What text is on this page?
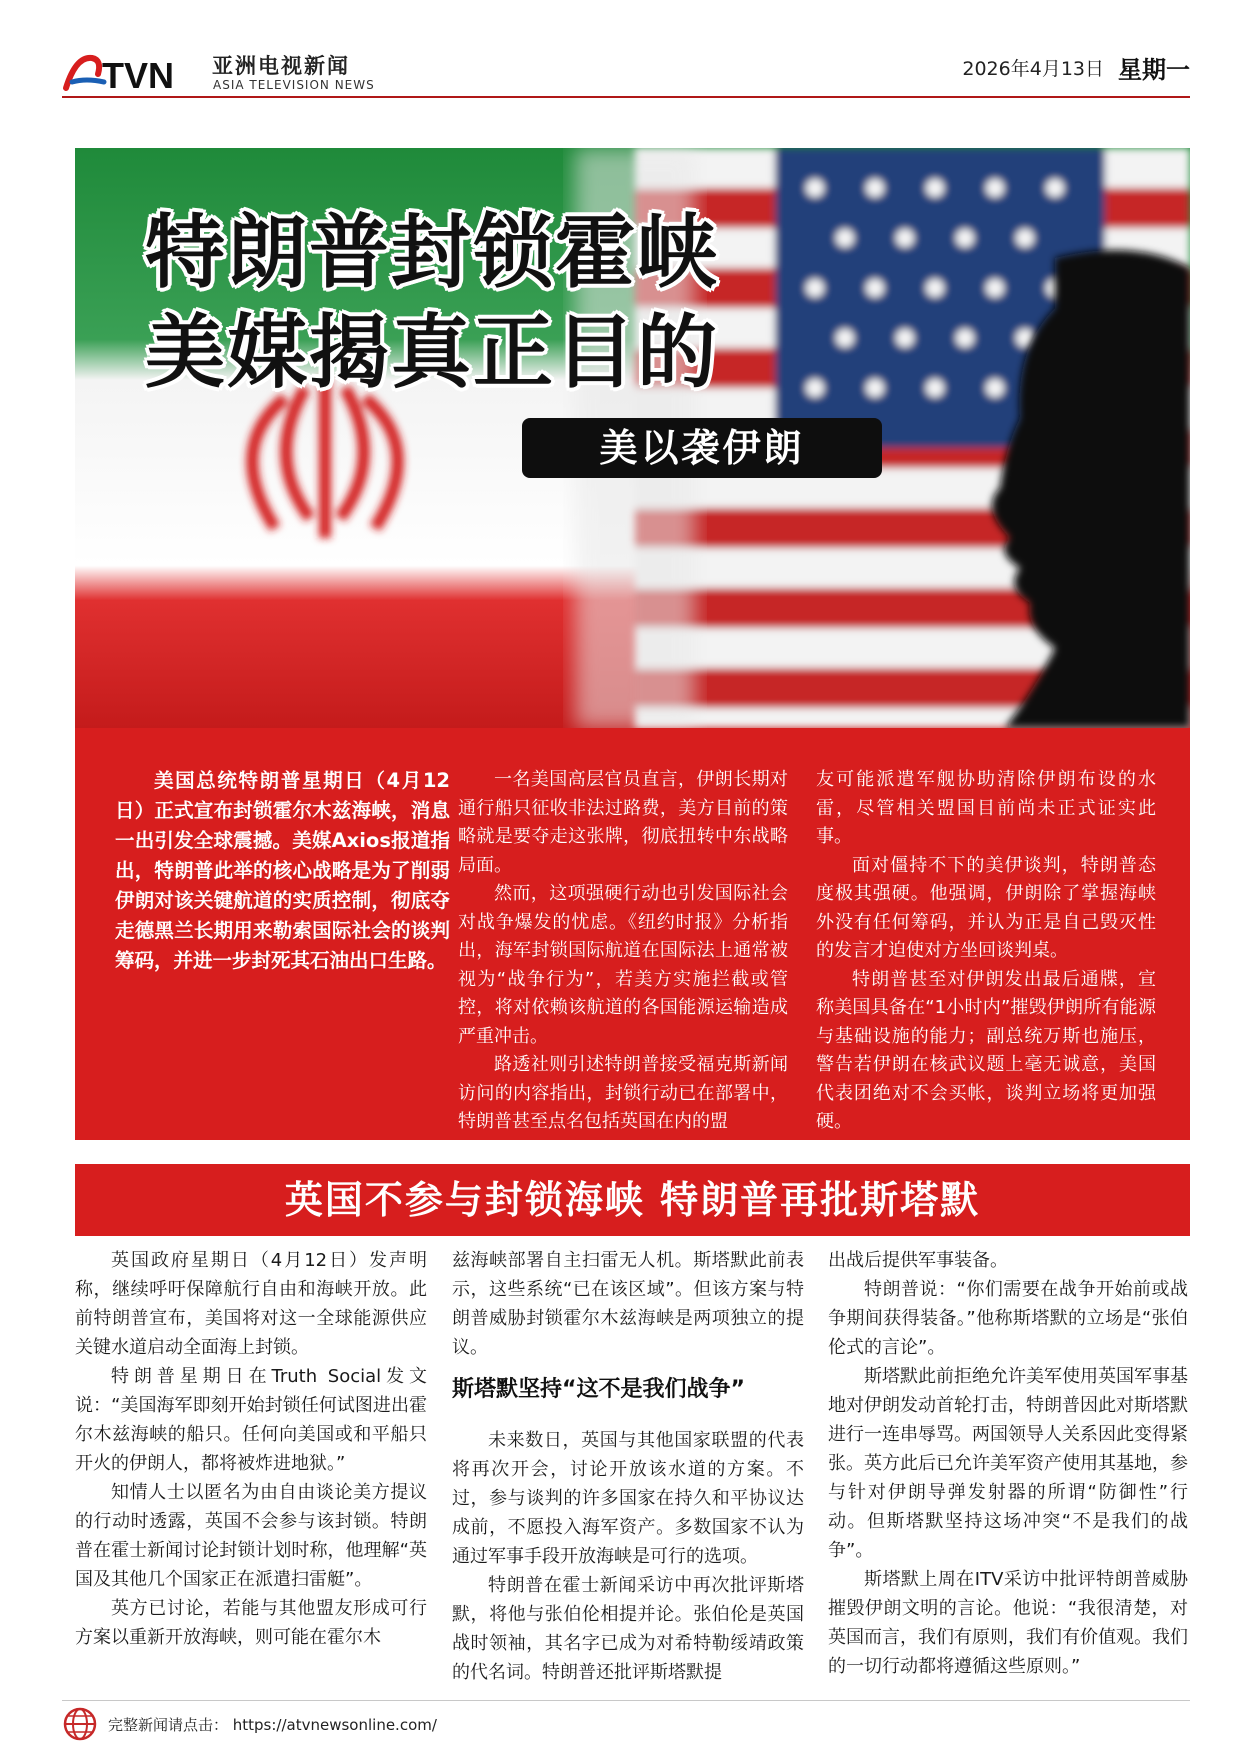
TVN 亚洲电视新闻
ASIA TELEVISION NEWS
2026年4月13日 星期一
特朗普封锁霍峡
美媒揭真正目的
美以袭伊朗

美国总统特朗普星期日（4月12日）正式宣布封锁霍尔木兹海峡，消息一出引发全球震撼。美媒Axios报道指出，特朗普此举的核心战略是为了削弱伊朗对该关键航道的实质控制，彻底夺走德黑兰长期用来勒索国际社会的谈判筹码，并进一步封死其石油出口生路。

一名美国高层官员直言，伊朗长期对通行船只征收非法过路费，美方目前的策略就是要夺走这张牌，彻底扭转中东战略局面。

然而，这项强硬行动也引发国际社会对战争爆发的忧虑。《纽约时报》分析指出，海军封锁国际航道在国际法上通常被视为“战争行为”，若美方实施拦截或管控，将对依赖该航道的各国能源运输造成严重冲击。

路透社则引述特朗普接受福克斯新闻访问的内容指出，封锁行动已在部署中，特朗普甚至点名包括英国在内的盟

友可能派遣军舰协助清除伊朗布设的水雷，尽管相关盟国目前尚未正式证实此事。

面对僵持不下的美伊谈判，特朗普态度极其强硬。他强调，伊朗除了掌握海峡外没有任何筹码，并认为正是自己毁灭性的发言才迫使对方坐回谈判桌。

特朗普甚至对伊朗发出最后通牒，宣称美国具备在“1小时内”摧毁伊朗所有能源与基础设施的能力；副总统万斯也施压，警告若伊朗在核武议题上毫无诚意，美国代表团绝对不会买帐，谈判立场将更加强硬。

英国不参与封锁海峡 特朗普再批斯塔默

英国政府星期日（4月12日）发声明称，继续呼吁保障航行自由和海峡开放。此前特朗普宣布，美国将对这一全球能源供应关键水道启动全面海上封锁。

特朗普星期日在Truth Social发文说：“美国海军即刻开始封锁任何试图进出霍尔木兹海峡的船只。任何向美国或和平船只开火的伊朗人，都将被炸进地狱。”

知情人士以匿名为由自由谈论美方提议的行动时透露，英国不会参与该封锁。特朗普在霍士新闻讨论封锁计划时称，他理解“英国及其他几个国家正在派遣扫雷艇”。

英方已讨论，若能与其他盟友形成可行方案以重新开放海峡，则可能在霍尔木

兹海峡部署自主扫雷无人机。斯塔默此前表示，这些系统“已在该区域”。但该方案与特朗普威胁封锁霍尔木兹海峡是两项独立的提议。

斯塔默坚持“这不是我们战争”

未来数日，英国与其他国家联盟的代表将再次开会，讨论开放该水道的方案。不过，参与谈判的许多国家在持久和平协议达成前，不愿投入海军资产。多数国家不认为通过军事手段开放海峡是可行的选项。

特朗普在霍士新闻采访中再次批评斯塔默，将他与张伯伦相提并论。张伯伦是英国战时领袖，其名字已成为对希特勒绥靖政策的代名词。特朗普还批评斯塔默提

出战后提供军事装备。

特朗普说：“你们需要在战争开始前或战争期间获得装备。”他称斯塔默的立场是“张伯伦式的言论”。

斯塔默此前拒绝允许美军使用英国军事基地对伊朗发动首轮打击，特朗普因此对斯塔默进行一连串辱骂。两国领导人关系因此变得紧张。英方此后已允许美军资产使用其基地，参与针对伊朗导弹发射器的所谓“防御性”行动。但斯塔默坚持这场冲突“不是我们的战争”。

斯塔默上周在ITV采访中批评特朗普威胁摧毁伊朗文明的言论。他说：“我很清楚，对英国而言，我们有原则，我们有价值观。我们的一切行动都将遵循这些原则。”

完整新闻请点击： https://atvnewsonline.com/
